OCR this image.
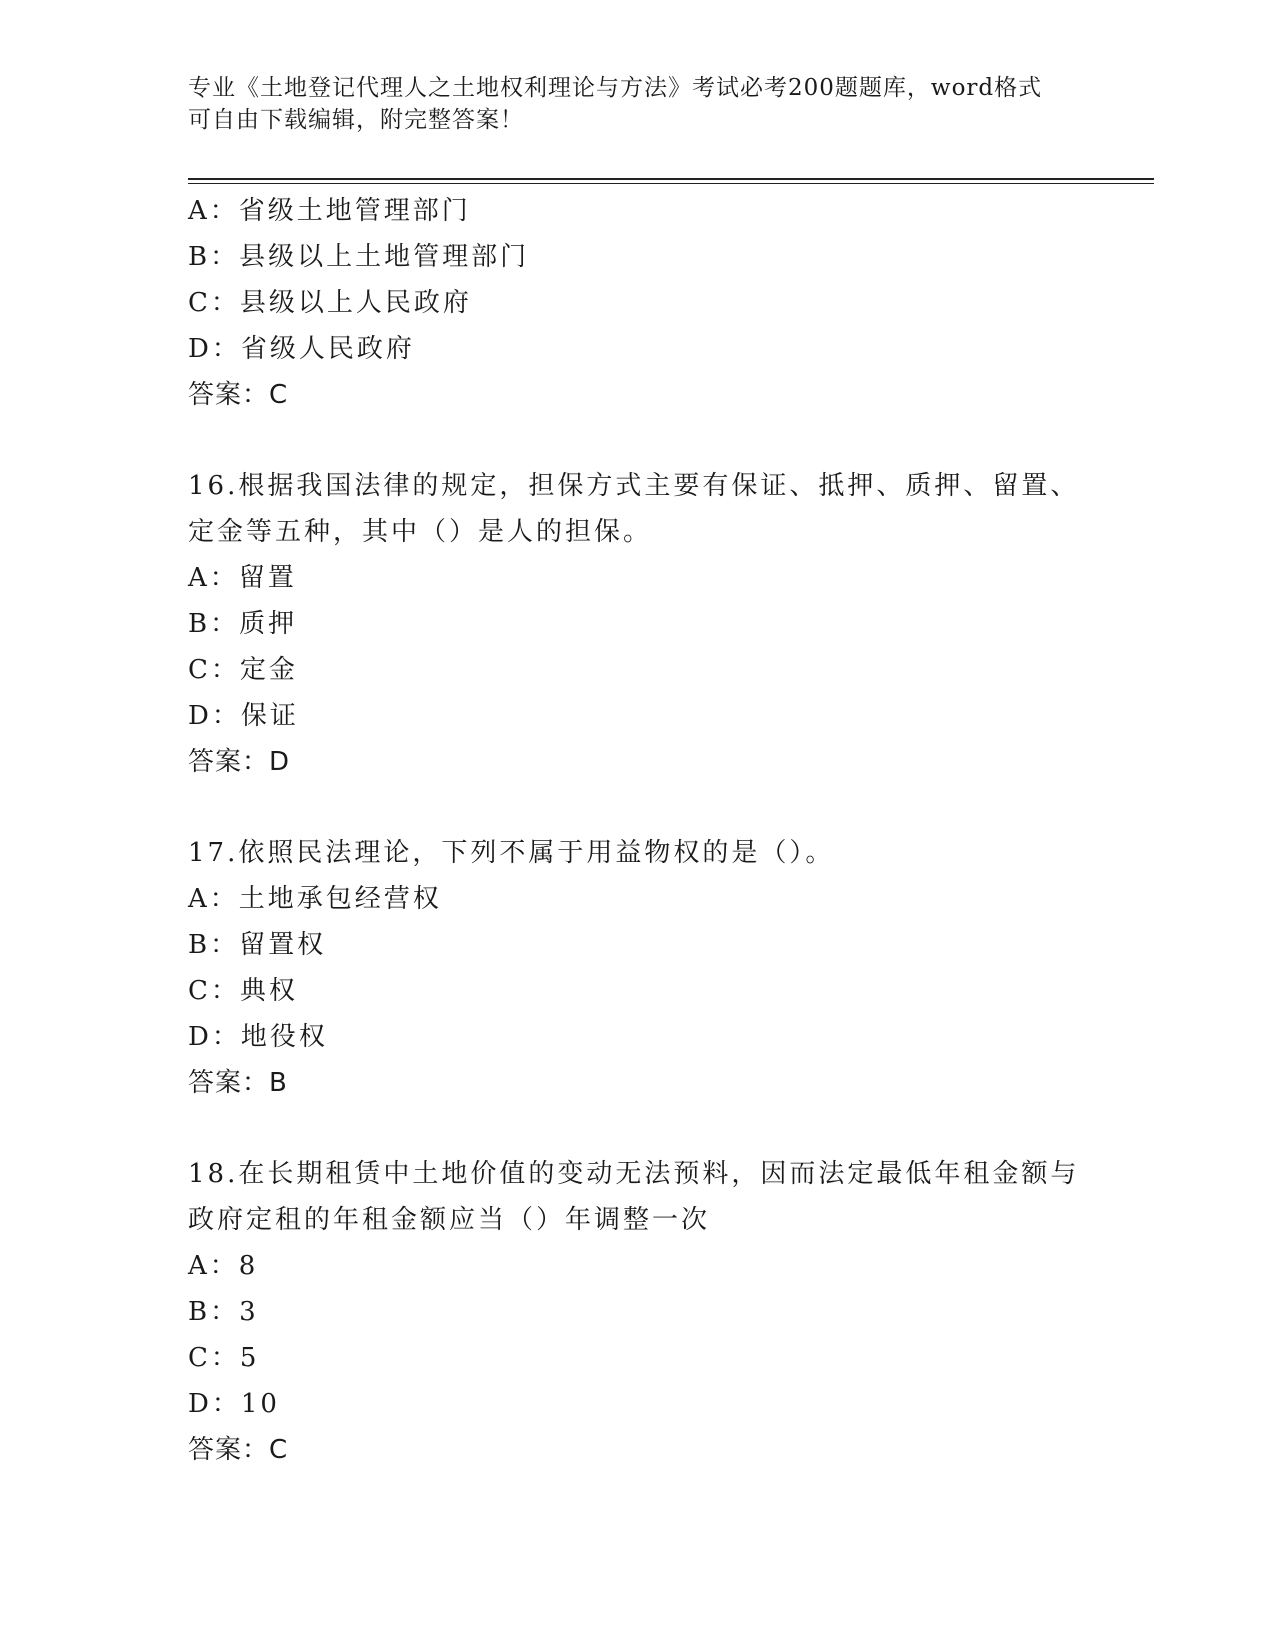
专业《土地登记代理人之土地权利理论与方法》考试必考200题题库，word格式
可自由下载编辑，附完整答案！
A：省级土地管理部门
B：县级以上土地管理部门
C：县级以上人民政府
D：省级人民政府
答案：C
16.根据我国法律的规定，担保方式主要有保证、抵押、质押、留置、
定金等五种，其中（）是人的担保。
A：留置
B：质押
C：定金
D：保证
答案：D
17.依照民法理论，下列不属于用益物权的是（）。
A：土地承包经营权
B：留置权
C：典权
D：地役权
答案：B
18.在长期租赁中土地价值的变动无法预料，因而法定最低年租金额与
政府定租的年租金额应当（）年调整一次
A：8
B：3
C：5
D：10
答案：C
